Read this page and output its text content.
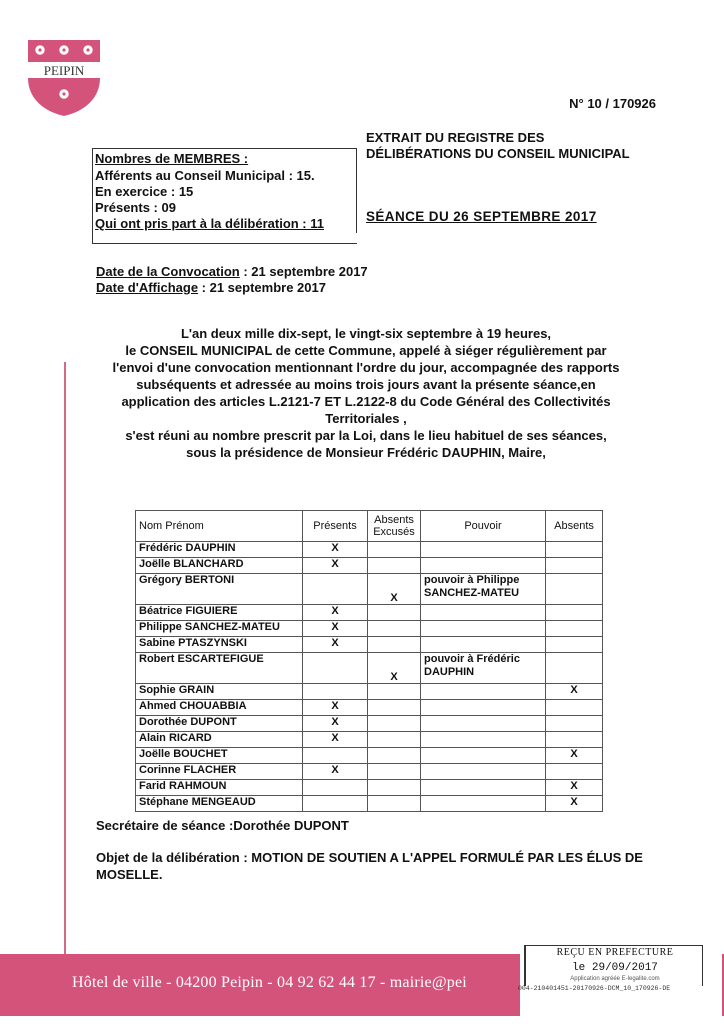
PEIPIN
N° 10 / 170926
EXTRAIT DU REGISTRE DES
DÉLIBÉRATIONS DU CONSEIL MUNICIPAL
SÉANCE DU 26 SEPTEMBRE 2017
Nombres de MEMBRES :
Afférents au Conseil Municipal : 15.
En exercice : 15
Présents : 09
Qui ont pris part à la délibération : 11
Date de la Convocation : 21 septembre 2017
Date d'Affichage : 21 septembre 2017

L'an deux mille dix-sept, le vingt-six septembre à 19 heures,

le CONSEIL MUNICIPAL de cette Commune, appelé à siéger régulièrement par

l'envoi d'une convocation mentionnant l'ordre du jour, accompagnée des rapports

subséquents et adressée au moins trois jours avant la présente séance,en

application des articles L.2121-7 ET L.2122-8 du Code Général des Collectivités

Territoriales ,

s'est réuni au nombre prescrit par la Loi, dans le lieu habituel de ses séances,

sous la présidence de Monsieur Frédéric DAUPHIN, Maire,

Nom Prénom	Présents	Absents Excusés	Pouvoir	Absents
Frédéric DAUPHIN	X			
Joëlle BLANCHARD	X			
Grégory BERTONI		X	pouvoir à Philippe
SANCHEZ-MATEU	

Béatrice FIGUIERE	X			
Philippe SANCHEZ-MATEU	X			
Sabine PTASZYNSKI	X			
Robert ESCARTEFIGUE		X	pouvoir à Frédéric
DAUPHIN	

Sophie GRAIN				X
Ahmed CHOUABBIA	X			
Dorothée DUPONT	X			
Alain RICARD	X			
Joëlle BOUCHET				X
Corinne FLACHER	X			
Farid RAHMOUN				X
Stéphane MENGEAUD				X
Secrétaire de séance :Dorothée DUPONT
Objet de la délibération : MOTION DE SOUTIEN A L'APPEL FORMULÉ PAR LES ÉLUS DE MOSELLE.
Hôtel de ville - 04200 Peipin - 04 92 62 44 17 - mairie@pei
REÇU EN PREFECTURE
le 29/09/2017
Application agréée E-legalite.com
004-210401451-20170926-DCM_10_170926-DE
